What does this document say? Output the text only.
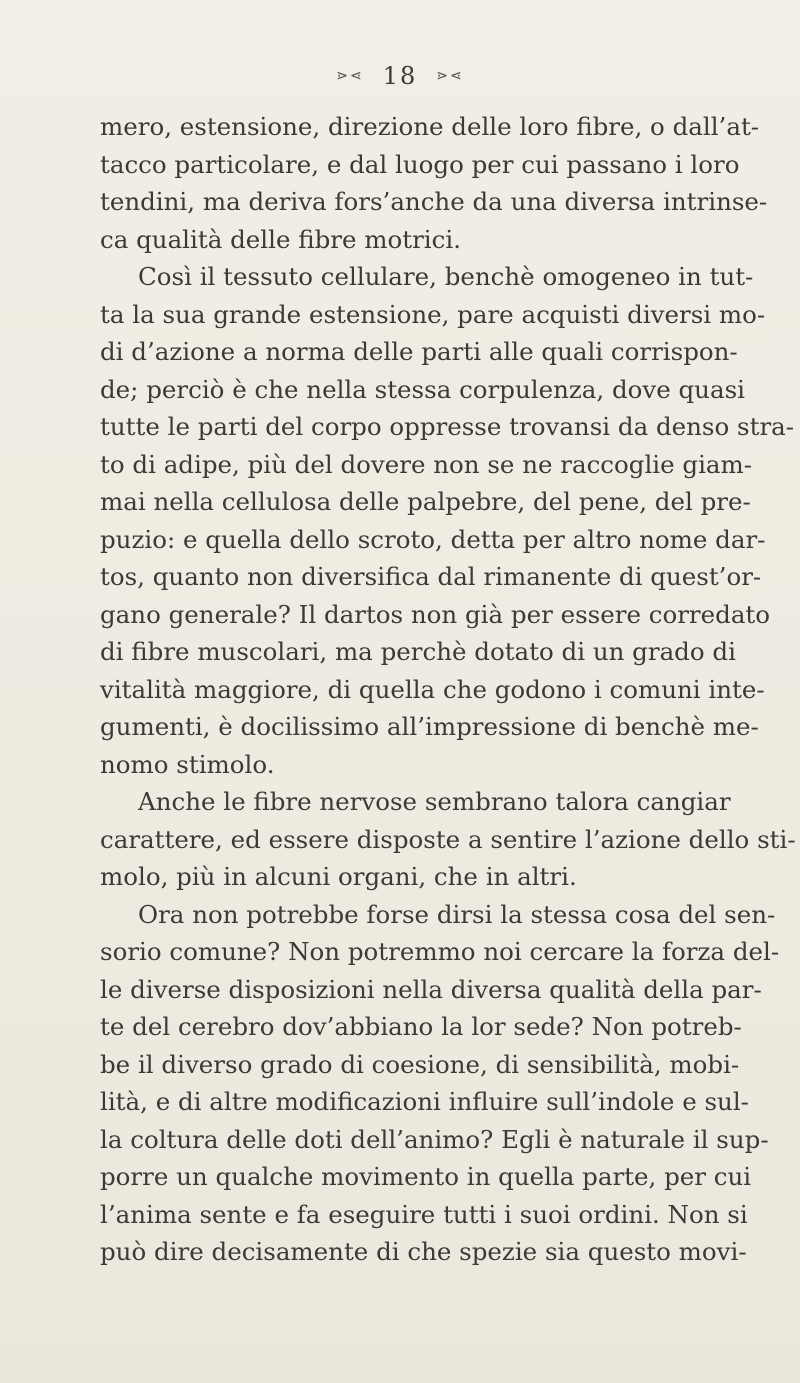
⋗⋖ 18 ⋗⋖
mero, estensione, direzione delle loro fibre, o dall’at-
tacco particolare, e dal luogo per cui passano i loro
tendini, ma deriva fors’anche da una diversa intrinse-
ca qualità delle fibre motrici.
Così il tessuto cellulare, benchè omogeneo in tut-
ta la sua grande estensione, pare acquisti diversi mo-
di d’azione a norma delle parti alle quali corrispon-
de; perciò è che nella stessa corpulenza, dove quasi
tutte le parti del corpo oppresse trovansi da denso stra-
to di adipe, più del dovere non se ne raccoglie giam-
mai nella cellulosa delle palpebre, del pene, del pre-
puzio: e quella dello scroto, detta per altro nome dar-
tos, quanto non diversifica dal rimanente di quest’or-
gano generale? Il dartos non già per essere corredato
di fibre muscolari, ma perchè dotato di un grado di
vitalità maggiore, di quella che godono i comuni inte-
gumenti, è docilissimo all’impressione di benchè me-
nomo stimolo.
Anche le fibre nervose sembrano talora cangiar
carattere, ed essere disposte a sentire l’azione dello sti-
molo, più in alcuni organi, che in altri.
Ora non potrebbe forse dirsi la stessa cosa del sen-
sorio comune? Non potremmo noi cercare la forza del-
le diverse disposizioni nella diversa qualità della par-
te del cerebro dov’abbiano la lor sede? Non potreb-
be il diverso grado di coesione, di sensibilità, mobi-
lità, e di altre modificazioni influire sull’indole e sul-
la coltura delle doti dell’animo? Egli è naturale il sup-
porre un qualche movimento in quella parte, per cui
l’anima sente e fa eseguire tutti i suoi ordini. Non si
può dire decisamente di che spezie sia questo movi-
